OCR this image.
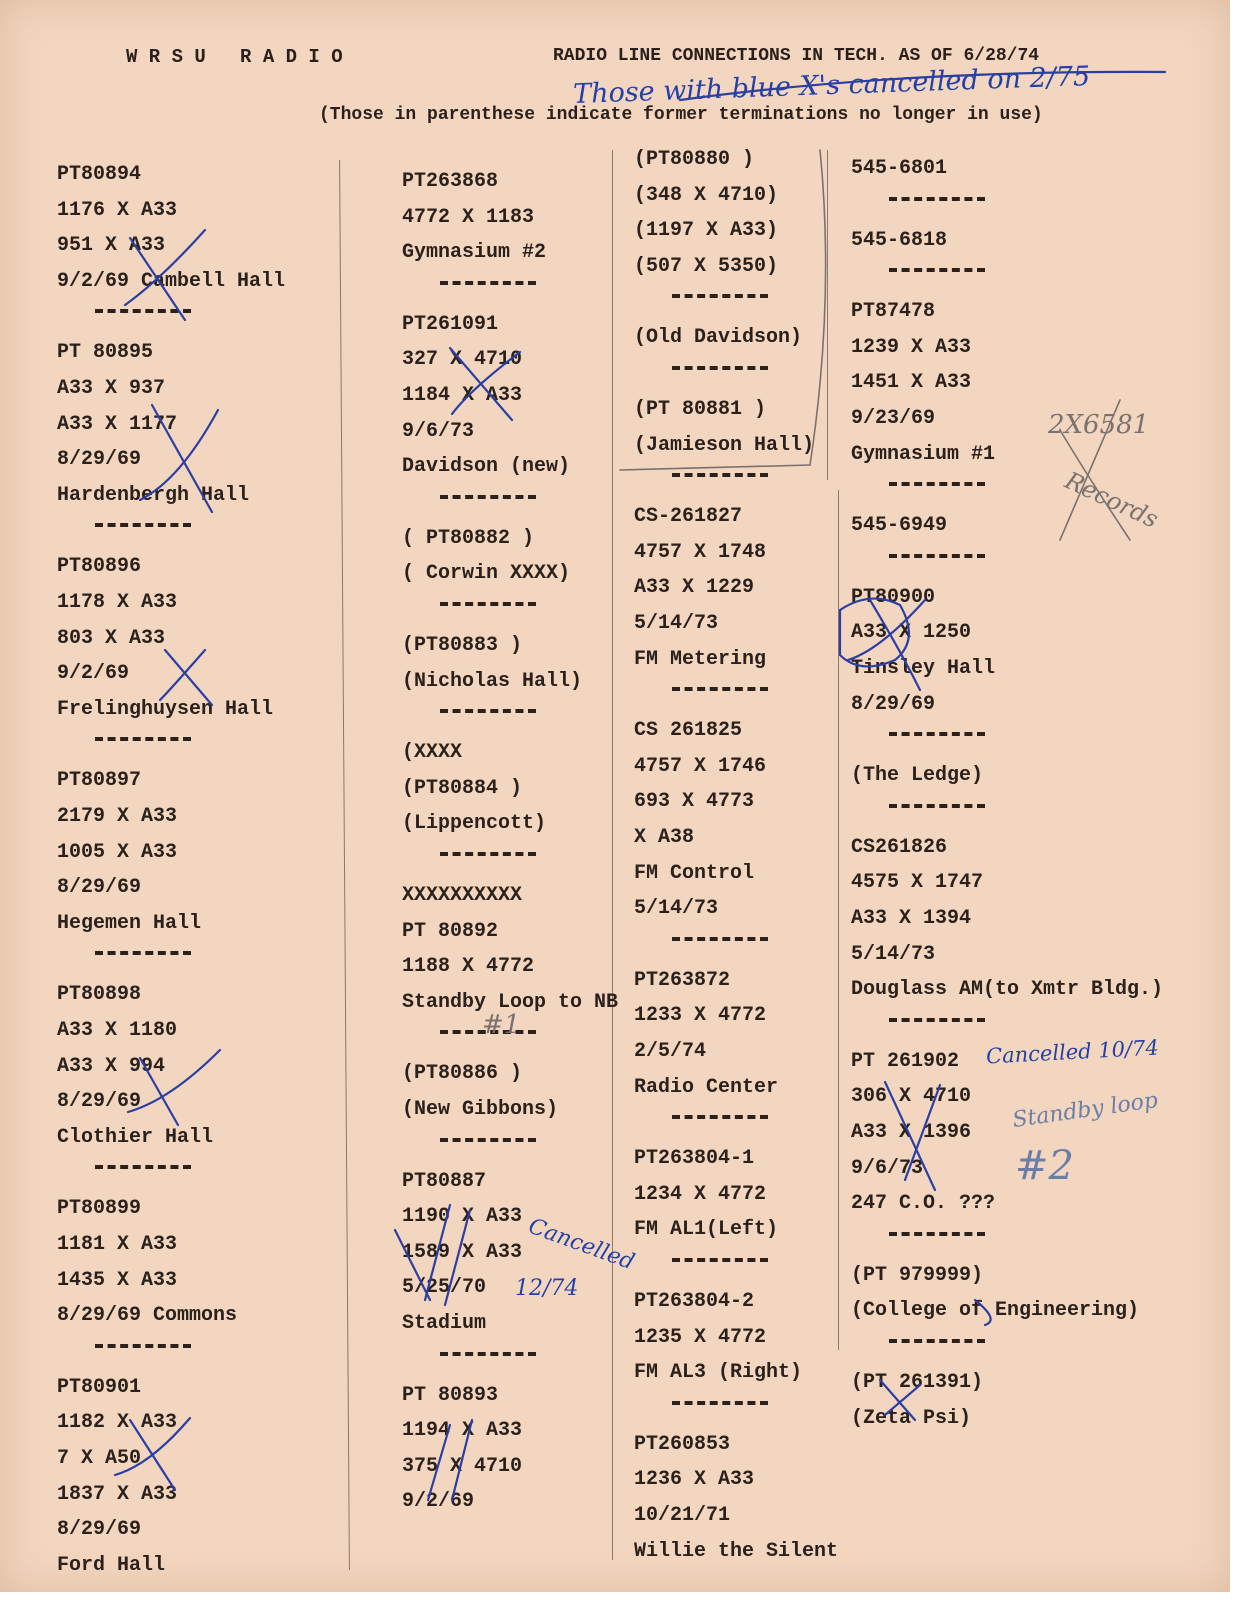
W R S U   R A D I O	RADIO LINE CONNECTIONS IN TECH. AS OF 6/28/74
(Those in parenthese indicate former terminations no longer in use)
Those with blue X's cancelled on 2/75
PT80894
1176 X A33
951 X A33
9/2/69 Cambell Hall
PT 80895
A33 X 937
A33 X 1177
8/29/69
Hardenbergh Hall
PT80896
1178 X A33
803 X A33
9/2/69
Frelinghuysen Hall
PT80897
2179 X A33
1005 X A33
8/29/69
Hegemen Hall
PT80898
A33 X 1180
A33 X 994
8/29/69
Clothier Hall
PT80899
1181 X A33
1435 X A33
8/29/69 Commons
PT80901
1182 X A33
7 X A50
1837 X A33
8/29/69
Ford Hall
PT263868
4772 X 1183
Gymnasium #2
PT261091
327 X 4710
1184 X A33
9/6/73
Davidson (new)
( PT80882 )
( Corwin XXXX)
(PT80883 )
(Nicholas Hall)
(XXXX
(PT80884 )
(Lippencott)
XXXXXXXXXX
PT 80892
1188 X 4772
Standby Loop to NB
(PT80886 )
(New Gibbons)
PT80887
1190 X A33
1589 X A33
5/25/70
Stadium
PT 80893
1194 X A33
375 X 4710
9/2/69
(PT80880 )
(348 X 4710)
(1197 X A33)
(507 X 5350)
(Old Davidson)
(PT 80881 )
(Jamieson Hall)
CS-261827
4757 X 1748
A33 X 1229
5/14/73
FM Metering
CS 261825
4757 X 1746
693 X 4773
X A38
FM Control
5/14/73
PT263872
1233 X 4772
2/5/74
Radio Center
PT263804-1
1234 X 4772
FM AL1(Left)
PT263804-2
1235 X 4772
FM AL3 (Right)
PT260853
1236 X A33
10/21/71
Willie the Silent
545-6801
545-6818
PT87478
1239 X A33
1451 X A33
9/23/69
Gymnasium #1
545-6949
PT80900
A33 X 1250
Tinsley Hall
8/29/69
(The Ledge)
CS261826
4575 X 1747
A33 X 1394
5/14/73
Douglass AM(to Xmtr Bldg.)
PT 261902
306 X 4710
A33 X 1396
9/6/73
247 C.O. ???
(PT 979999)
(College of Engineering)
(PT 261391)
(Zeta Psi)
Cancelled 10/74
Standby loop
#2
Cancelled
12/74
#1
2X6581
Records
